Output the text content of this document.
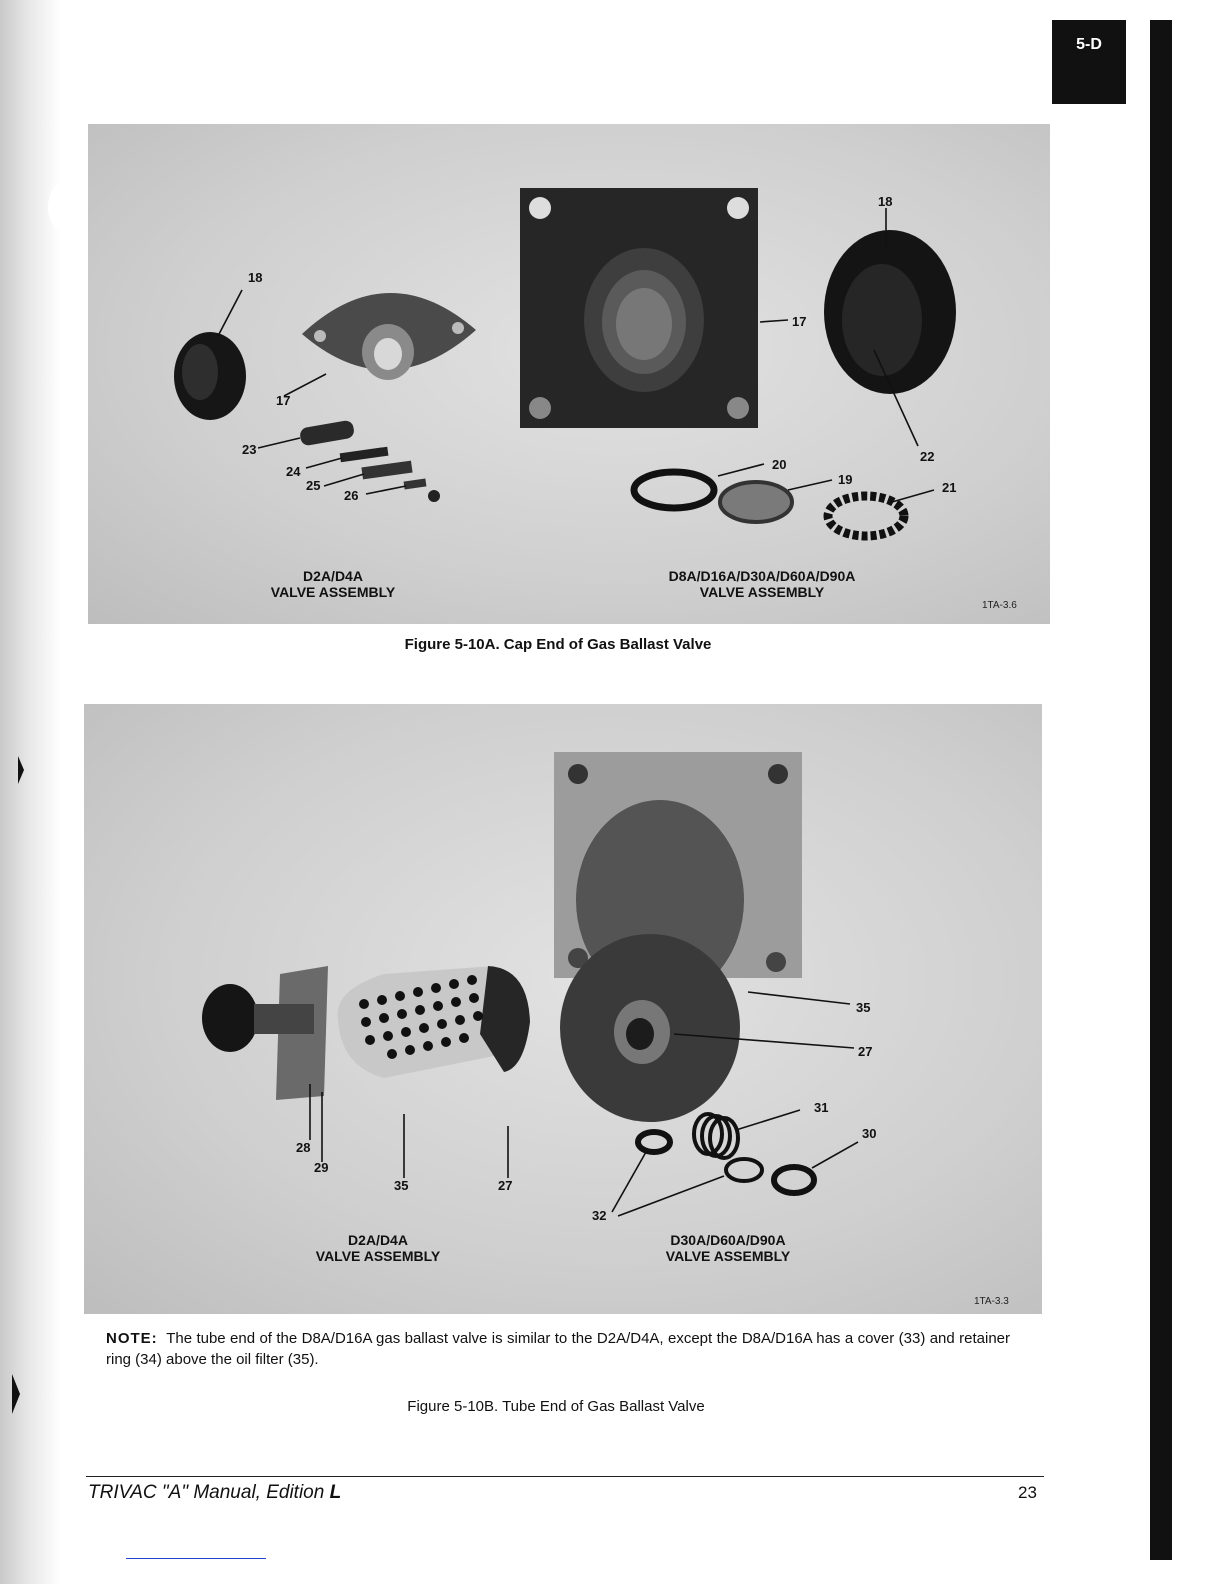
5-D
18
17
23
24
25
26
18
17
22
20
19
21
D2A/D4A
VALVE ASSEMBLY
D8A/D16A/D30A/D60A/D90A
VALVE ASSEMBLY
1TA-3.6
Figure 5-10A. Cap End of Gas Ballast Valve
35
27
31
30
28
29
35	27
32
D2A/D4A
VALVE ASSEMBLY
D30A/D60A/D90A
VALVE ASSEMBLY
1TA-3.3
NOTE: The tube end of the D8A/D16A gas ballast valve is similar to the D2A/D4A, except the D8A/D16A has a cover (33) and retainer ring (34) above the oil filter (35).
Figure 5-10B. Tube End of Gas Ballast Valve
TRIVAC "A" Manual, Edition L	23
